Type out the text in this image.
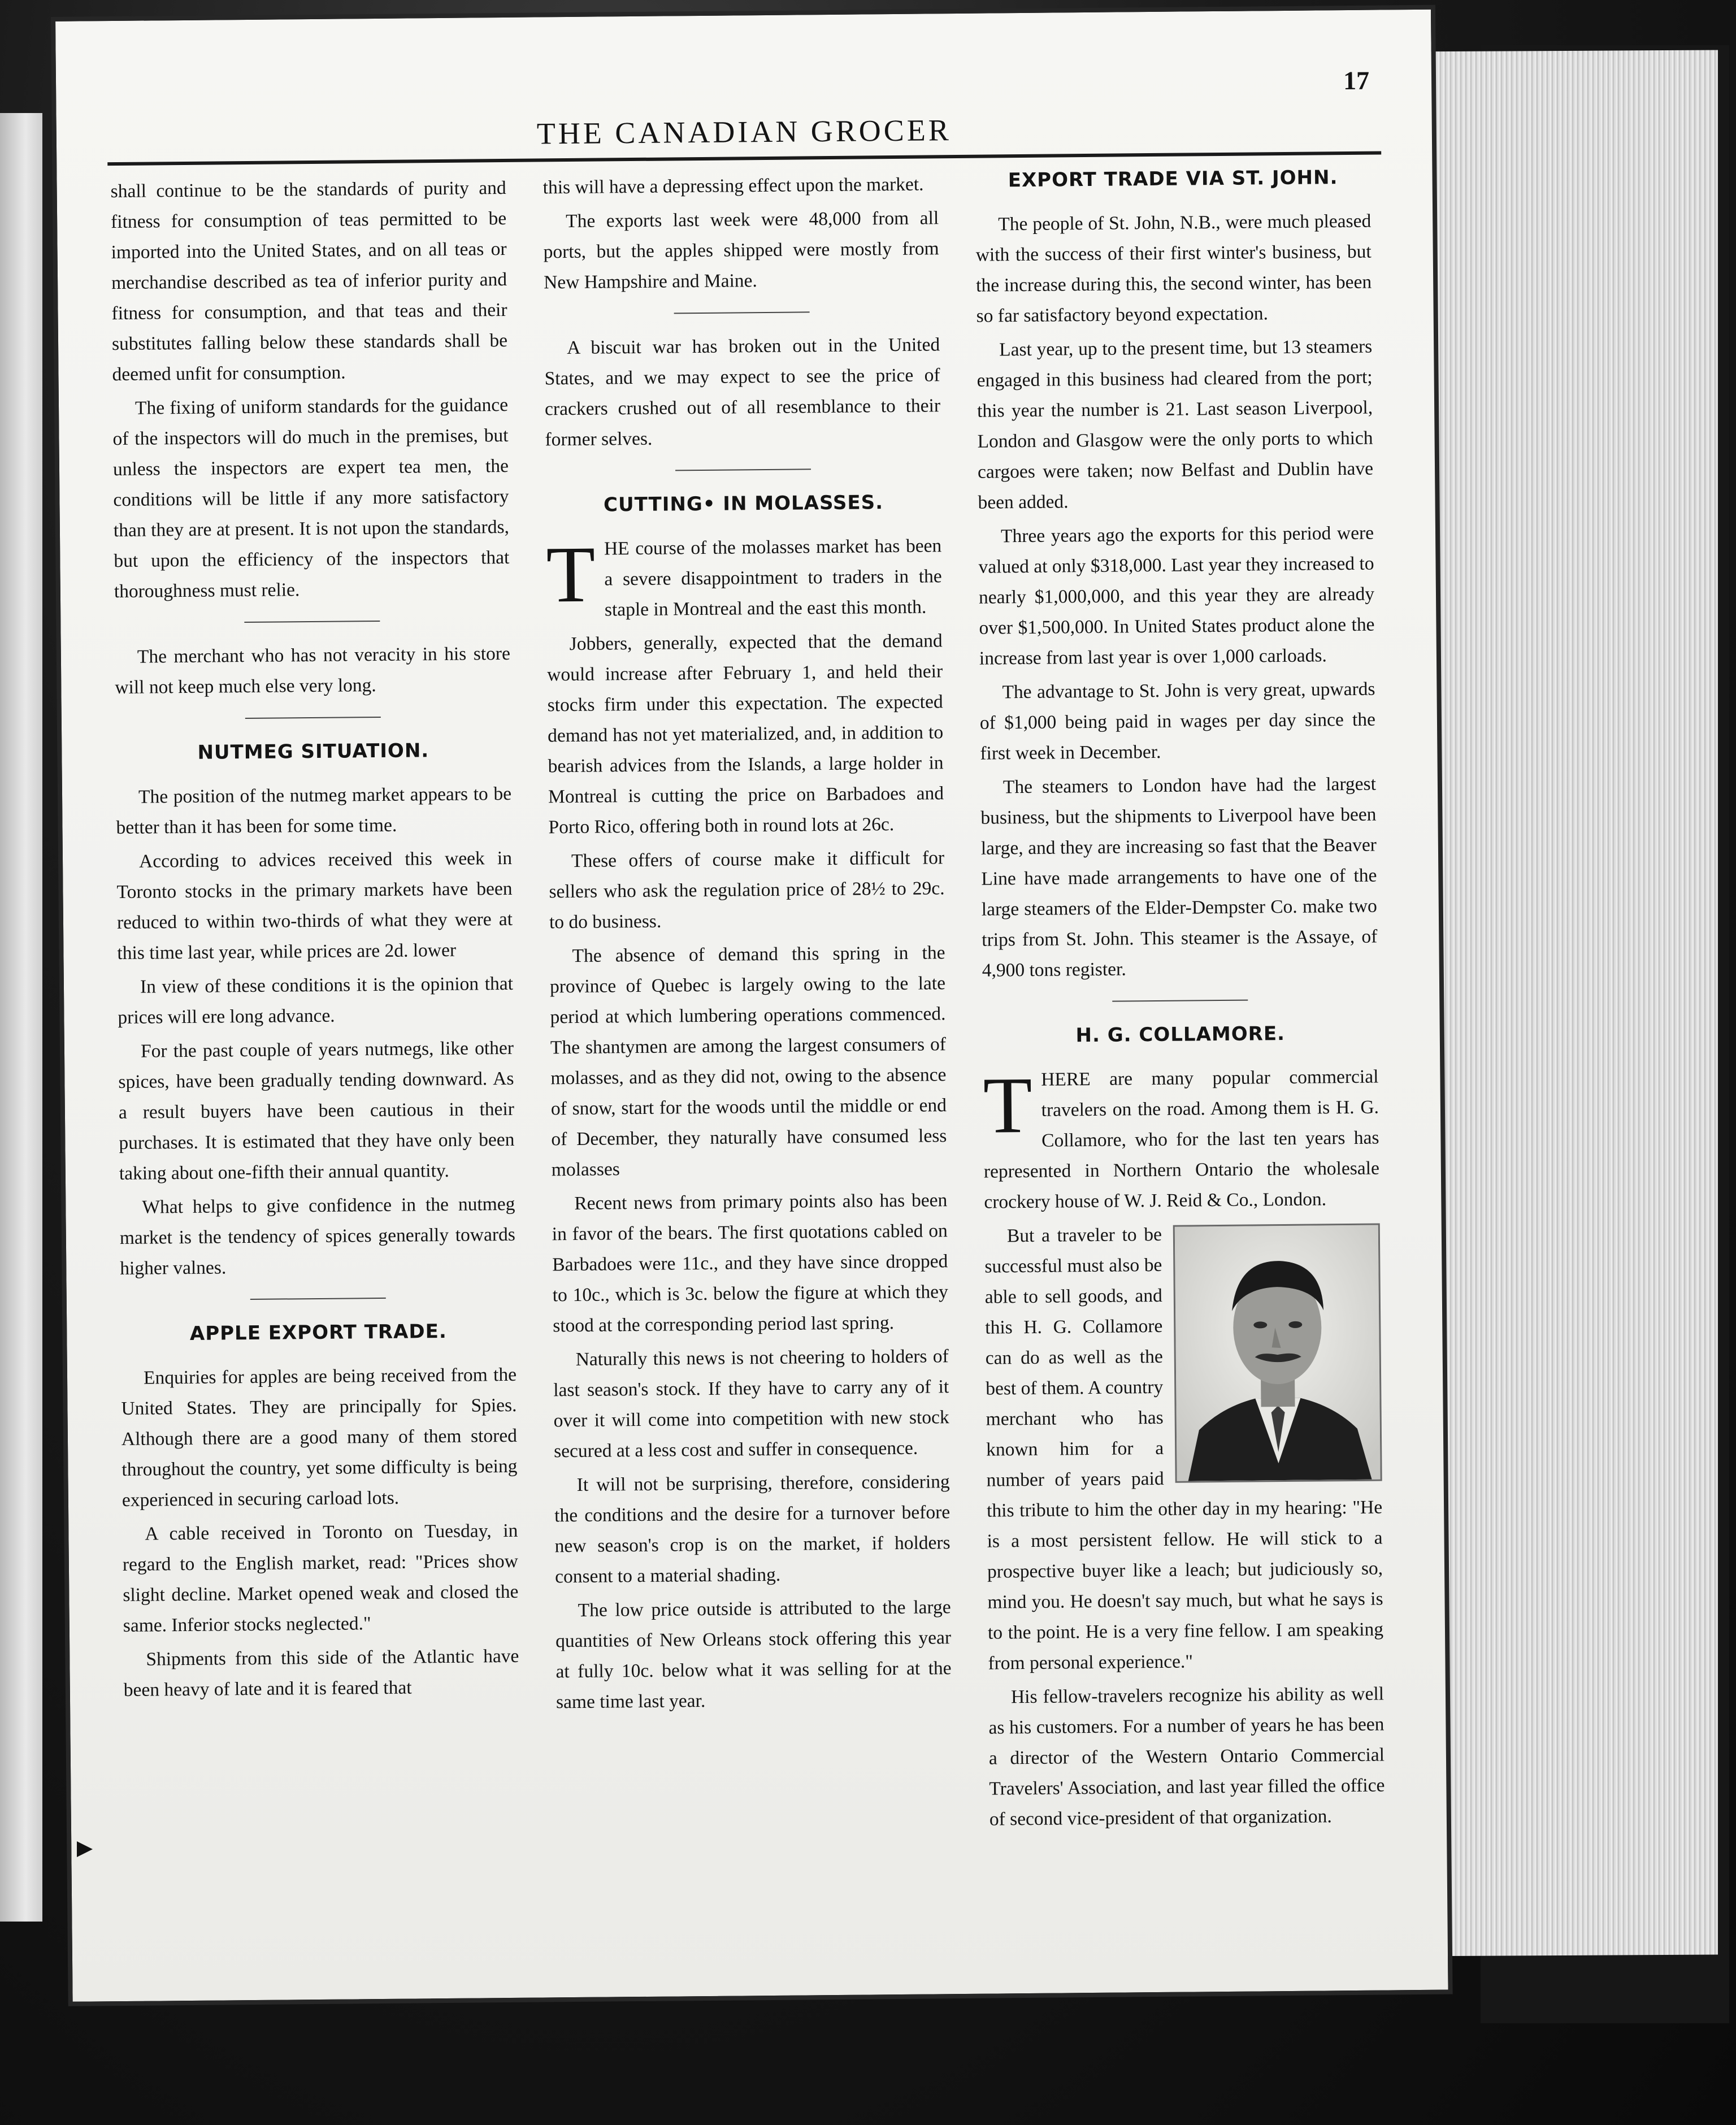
17
THE CANADIAN GROCER

shall continue to be the standards of purity and fitness for consumption of teas permitted to be imported into the United States, and on all teas or merchandise described as tea of inferior purity and fitness for consumption, and that teas and their substitutes falling below these standards shall be deemed unfit for consumption.

The fixing of uniform standards for the guidance of the inspectors will do much in the premises, but unless the inspectors are expert tea men, the conditions will be little if any more satisfactory than they are at present. It is not upon the standards, but upon the efficiency of the inspectors that thoroughness must relie.

The merchant who has not veracity in his store will not keep much else very long.

NUTMEG SITUATION.

The position of the nutmeg market appears to be better than it has been for some time.

According to advices received this week in Toronto stocks in the primary markets have been reduced to within two-thirds of what they were at this time last year, while prices are 2d. lower

In view of these conditions it is the opinion that prices will ere long advance.

For the past couple of years nutmegs, like other spices, have been gradually tending downward. As a result buyers have been cautious in their purchases. It is estimated that they have only been taking about one-fifth their annual quantity.

What helps to give confidence in the nutmeg market is the tendency of spices generally towards higher valnes.

APPLE EXPORT TRADE.

Enquiries for apples are being received from the United States. They are principally for Spies. Although there are a good many of them stored throughout the country, yet some difficulty is being experienced in securing carload lots.

A cable received in Toronto on Tuesday, in regard to the English market, read: "Prices show slight decline. Market opened weak and closed the same. Inferior stocks neglected."

Shipments from this side of the Atlantic have been heavy of late and it is feared that

this will have a depressing effect upon the market.

The exports last week were 48,000 from all ports, but the apples shipped were mostly from New Hampshire and Maine.

A biscuit war has broken out in the United States, and we may expect to see the price of crackers crushed out of all resemblance to their former selves.

CUTTING• IN MOLASSES.

THE course of the molasses market has been a severe disappointment to traders in the staple in Montreal and the east this month.

Jobbers, generally, expected that the demand would increase after February 1, and held their stocks firm under this expectation. The expected demand has not yet materialized, and, in addition to bearish advices from the Islands, a large holder in Montreal is cutting the price on Barbadoes and Porto Rico, offering both in round lots at 26c.

These offers of course make it difficult for sellers who ask the regulation price of 28½ to 29c. to do business.

The absence of demand this spring in the province of Quebec is largely owing to the late period at which lumbering operations commenced. The shantymen are among the largest consumers of molasses, and as they did not, owing to the absence of snow, start for the woods until the middle or end of December, they naturally have consumed less molasses

Recent news from primary points also has been in favor of the bears. The first quotations cabled on Barbadoes were 11c., and they have since dropped to 10c., which is 3c. below the figure at which they stood at the corresponding period last spring.

Naturally this news is not cheering to holders of last season's stock. If they have to carry any of it over it will come into competition with new stock secured at a less cost and suffer in consequence.

It will not be surprising, therefore, considering the conditions and the desire for a turnover before new season's crop is on the market, if holders consent to a material shading.

The low price outside is attributed to the large quantities of New Orleans stock offering this year at fully 10c. below what it was selling for at the same time last year.

EXPORT TRADE VIA ST. JOHN.

The people of St. John, N.B., were much pleased with the success of their first winter's business, but the increase during this, the second winter, has been so far satisfactory beyond expectation.

Last year, up to the present time, but 13 steamers engaged in this business had cleared from the port; this year the number is 21. Last season Liverpool, London and Glasgow were the only ports to which cargoes were taken; now Belfast and Dublin have been added.

Three years ago the exports for this period were valued at only $318,000. Last year they increased to nearly $1,000,000, and this year they are already over $1,500,000. In United States product alone the increase from last year is over 1,000 carloads.

The advantage to St. John is very great, upwards of $1,000 being paid in wages per day since the first week in December.

The steamers to London have had the largest business, but the shipments to Liverpool have been large, and they are increasing so fast that the Beaver Line have made arrangements to have one of the large steamers of the Elder-Dempster Co. make two trips from St. John. This steamer is the Assaye, of 4,900 tons register.

H. G. COLLAMORE.

THERE are many popular commercial travelers on the road. Among them is H. G. Collamore, who for the last ten years has represented in Northern Ontario the wholesale crockery house of W. J. Reid & Co., London.

But a traveler to be successful must also be able to sell goods, and this H. G. Collamore can do as well as the best of them. A country merchant who has known him for a number of years paid this tribute to him the other day in my hearing: "He is a most persistent fellow. He will stick to a prospective buyer like a leach; but judiciously so, mind you. He doesn't say much, but what he says is to the point. He is a very fine fellow. I am speaking from personal experience."

His fellow-travelers recognize his ability as well as his customers. For a number of years he has been a director of the Western Ontario Commercial Travelers' Association, and last year filled the office of second vice-president of that organization.
